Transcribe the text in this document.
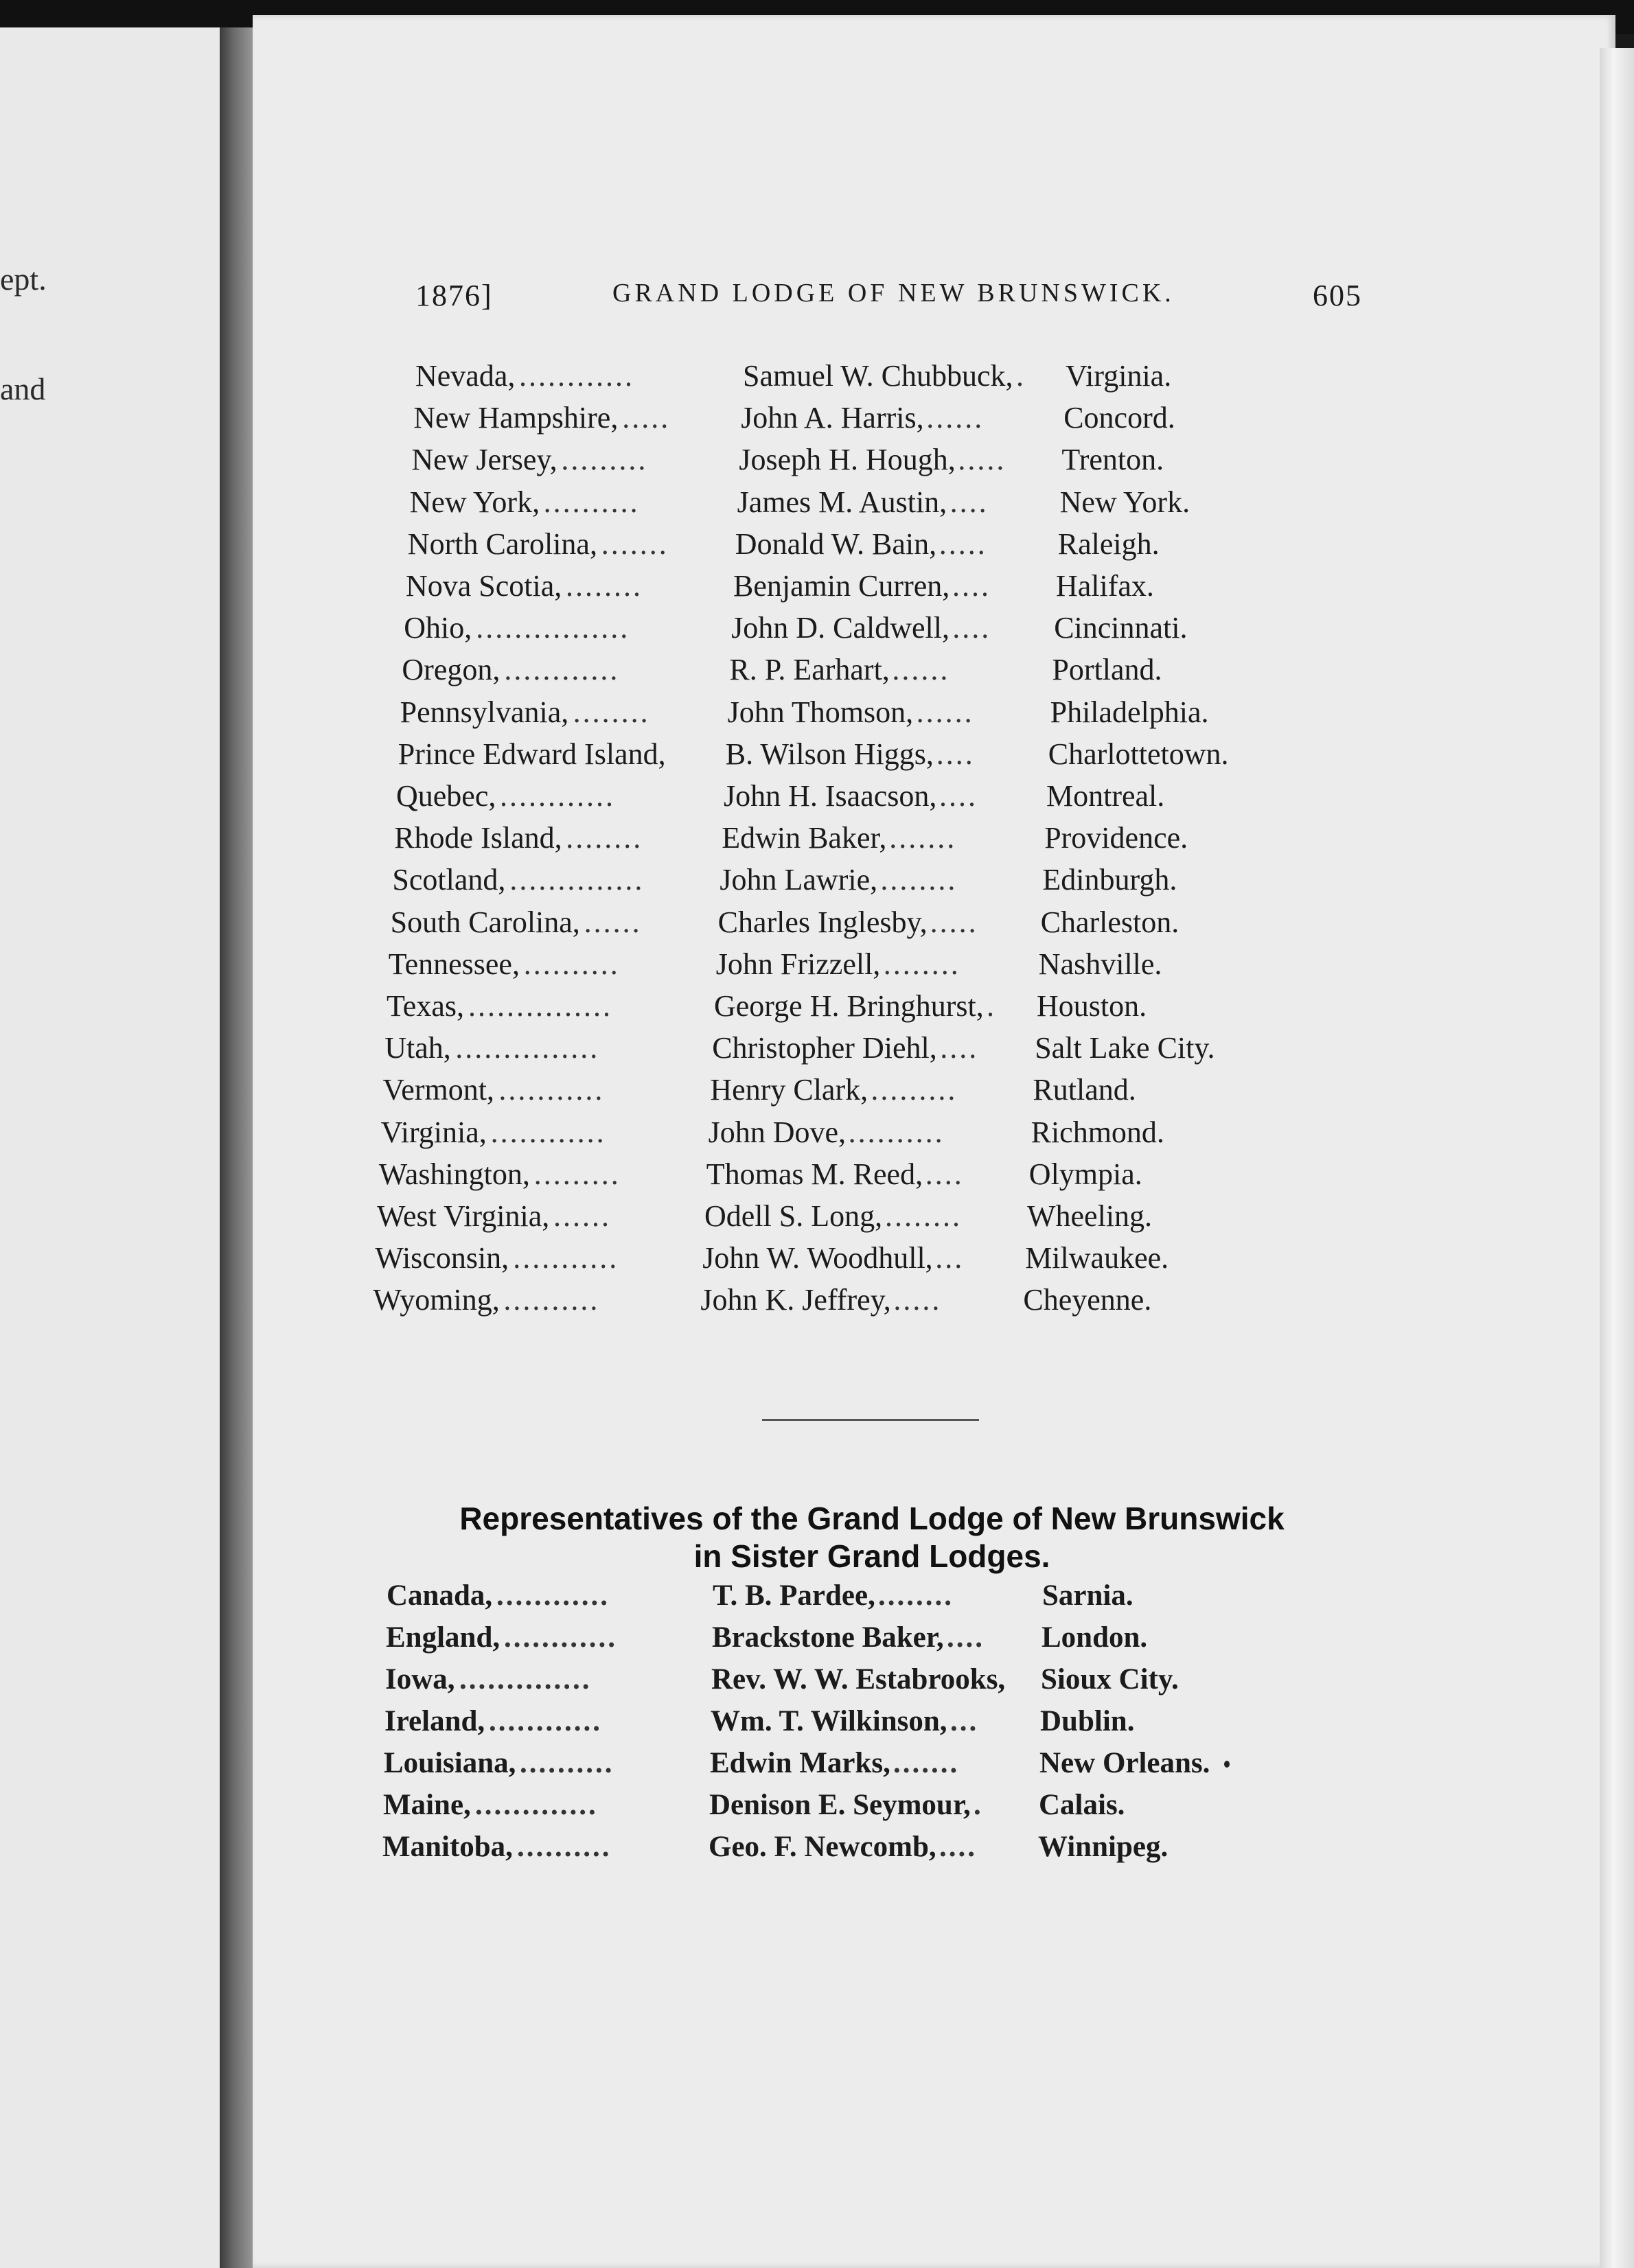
ept.
and
1876]	GRAND LODGE OF NEW BRUNSWICK.	605
Nevada, ............	Samuel W. Chubbuck, .	Virginia.
New Hampshire, .....	John A. Harris, ......	Concord.
New Jersey, .........	Joseph H. Hough, .....	Trenton.
New York, ..........	James M. Austin, ....	New York.
North Carolina, .......	Donald W. Bain, .....	Raleigh.
Nova Scotia, ........	Benjamin Curren, ....	Halifax.
Ohio, ................	John D. Caldwell, ....	Cincinnati.
Oregon, ............	R. P. Earhart, ......	Portland.
Pennsylvania, ........	John Thomson, ......	Philadelphia.
Prince Edward Island, B. Wilson Higgs, ....	Charlottetown.
Quebec, ............	John H. Isaacson, ....	Montreal.
Rhode Island, ........	Edwin Baker, .......	Providence.
Scotland, ..............	John Lawrie, ........	Edinburgh.
South Carolina, ......	Charles Inglesby, .....	Charleston.
Tennessee, ..........	John Frizzell, ........	Nashville.
Texas, ...............	George H. Bringhurst, .	Houston.
Utah, ...............	Christopher Diehl, ....	Salt Lake City.
Vermont, ...........	Henry Clark, .........	Rutland.
Virginia, ............	John Dove, ..........	Richmond.
Washington, .........	Thomas M. Reed, ....	Olympia.
West Virginia, ......	Odell S. Long, ........	Wheeling.
Wisconsin, ...........	John W. Woodhull, ...	Milwaukee.
Wyoming, ..........	John K. Jeffrey, .....	Cheyenne.
Representatives of the Grand Lodge of New Brunswick
in Sister Grand Lodges.
Canada, ............	T. B. Pardee, ........	Sarnia.
England, ............	Brackstone Baker, ....	London.
Iowa, ..............	Rev. W. W. Estabrooks, Sioux City.
Ireland, ............	Wm. T. Wilkinson, ...	Dublin.
Louisiana, ..........	Edwin Marks, .......	New Orleans.
Maine, .............	Denison E. Seymour, .	Calais.
Manitoba, ..........	Geo. F. Newcomb, ....	Winnipeg.
